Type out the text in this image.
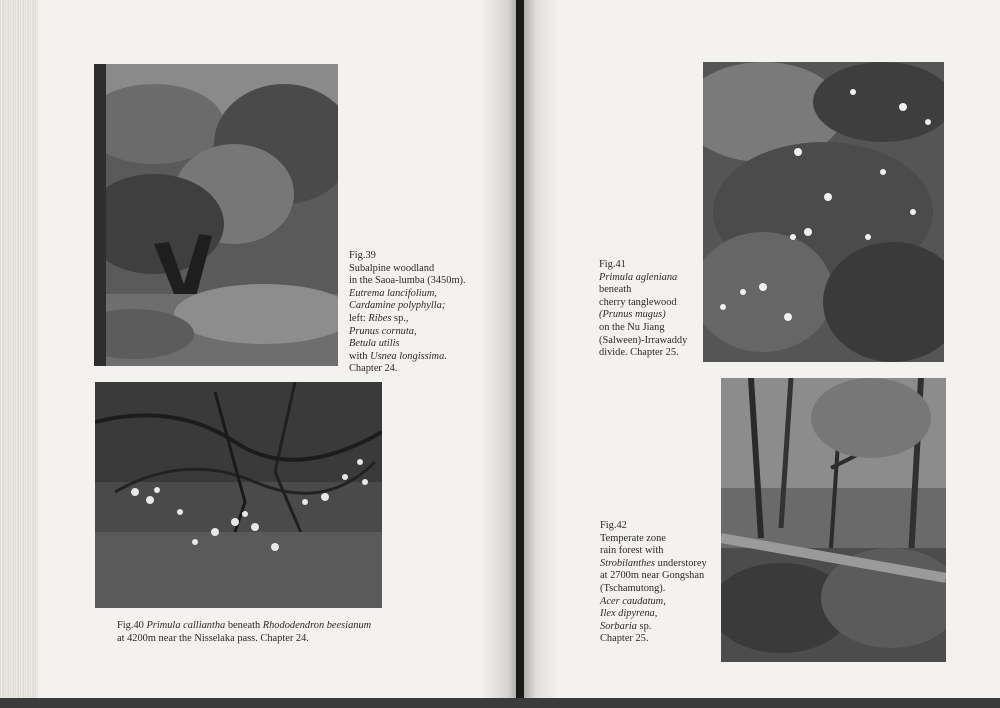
Fig.39
Subalpine woodland
in the Saoa-lumba (3450m).
Eutrema lancifolium,
Cardamine polyphylla;
left: Ribes sp.,
Prunus cornuta,
Betula utilis
with Usnea longissima.
Chapter 24.
Fig.40 Primula calliantha beneath Rhododendron beesianum
at 4200m near the Nisselaka pass. Chapter 24.
Fig.41
Primula agleniana
beneath
cherry tanglewood
(Prunus mugus)
on the Nu Jiang
(Salween)-Irrawaddy
divide. Chapter 25.
Fig.42
Temperate zone
rain forest with
Strobilanthes understorey
at 2700m near Gongshan
(Tschamutong).
Acer caudatum,
Ilex dipyrena,
Sorbaria sp.
Chapter 25.
